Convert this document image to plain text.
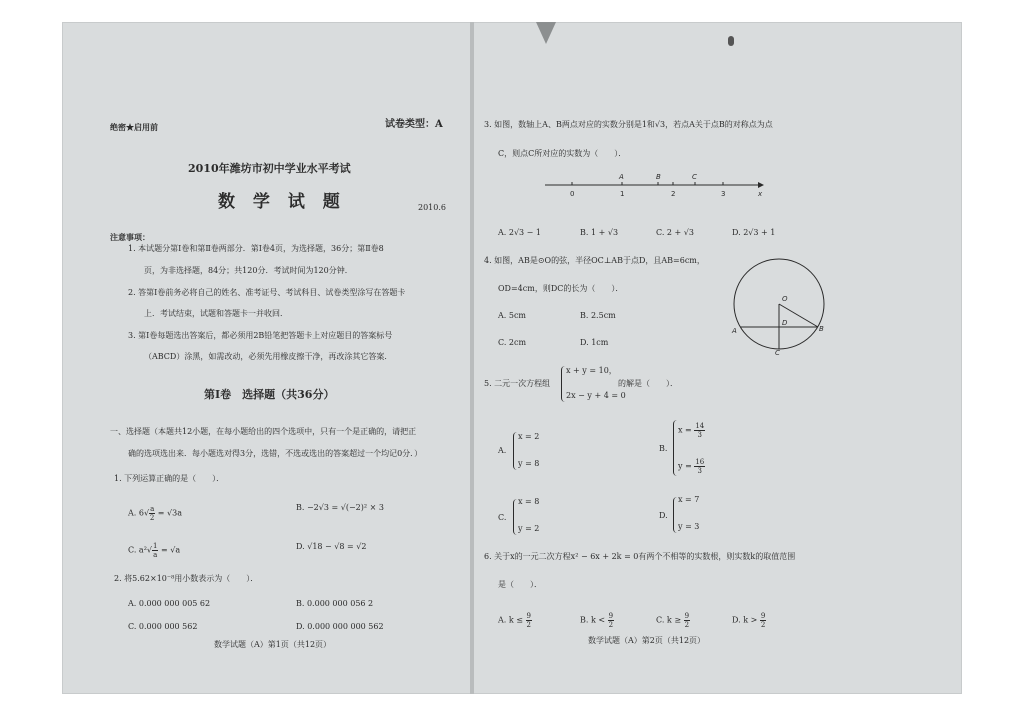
绝密★启用前	试卷类型：A
2010年潍坊市初中学业水平考试
数 学 试 题	2010.6
注意事项：
1. 本试题分第Ⅰ卷和第Ⅱ卷两部分．第Ⅰ卷4页，为选择题，36分；第Ⅱ卷8
页，为非选择题，84分；共120分．考试时间为120分钟．
2. 答第Ⅰ卷前务必将自己的姓名、准考证号、考试科目、试卷类型涂写在答题卡
上．考试结束，试题和答题卡一并收回．
3. 第Ⅰ卷每题选出答案后，都必须用2B铅笔把答题卡上对应题目的答案标号
（ABCD）涂黑，如需改动，必须先用橡皮擦干净，再改涂其它答案．
第Ⅰ卷　选择题（共36分）
一、选择题（本题共12小题，在每小题给出的四个选项中，只有一个是正确的，请把正
确的选项选出来．每小题选对得3分，选错，不选或选出的答案超过一个均记0分．）
1. 下列运算正确的是（　　）．
A. $6√ \frac{a}{2} = √3a$
B. −2√3 = √(−2)² × 3
C. $a^2√ \frac{1}{a} = √a$	D. √18 − √8 = √2
2. 将5.62×10⁻⁸用小数表示为（　　）．
A. 0.000 000 005 62	B. 0.000 000 056 2
C. 0.000 000 562	D. 0.000 000 000 562
数学试题（A）第1页（共12页）
3. 如图，数轴上A、B两点对应的实数分别是1和√3，若点A关于点B的对称点为点
C，则点C所对应的实数为（　　）．
0	1	2	3
A	B	C
x
A. 2√3 − 1	B. 1 + √3	C. 2 + √3	D. 2√3 + 1
4. 如图，AB是⊙O的弦，半径OC⊥AB于点D，且AB=6cm，
OD=4cm，则DC的长为（　　）．
A. 5cm	B. 2.5cm
C. 2cm	D. 1cm
O
D
A	B
C
5. 二元一次方程组
x + y = 10，
2x − y + 4 = 0
的解是（　　）．
A.
x = 2
y = 8
B.
$x = \frac{14}{3}$
$y = \frac{16}{3}$
C.
x = 8
y = 2
D.
x = 7
y = 3
6. 关于x的一元二次方程x² − 6x + 2k = 0有两个不相等的实数根，则实数k的取值范围
是（　　）．
A. $k \le \frac{9}{2}$	B. $k < \frac{9}{2}$	C. $k \ge \frac{9}{2}$	D. $k > \frac{9}{2}$
数学试题（A）第2页（共12页）
